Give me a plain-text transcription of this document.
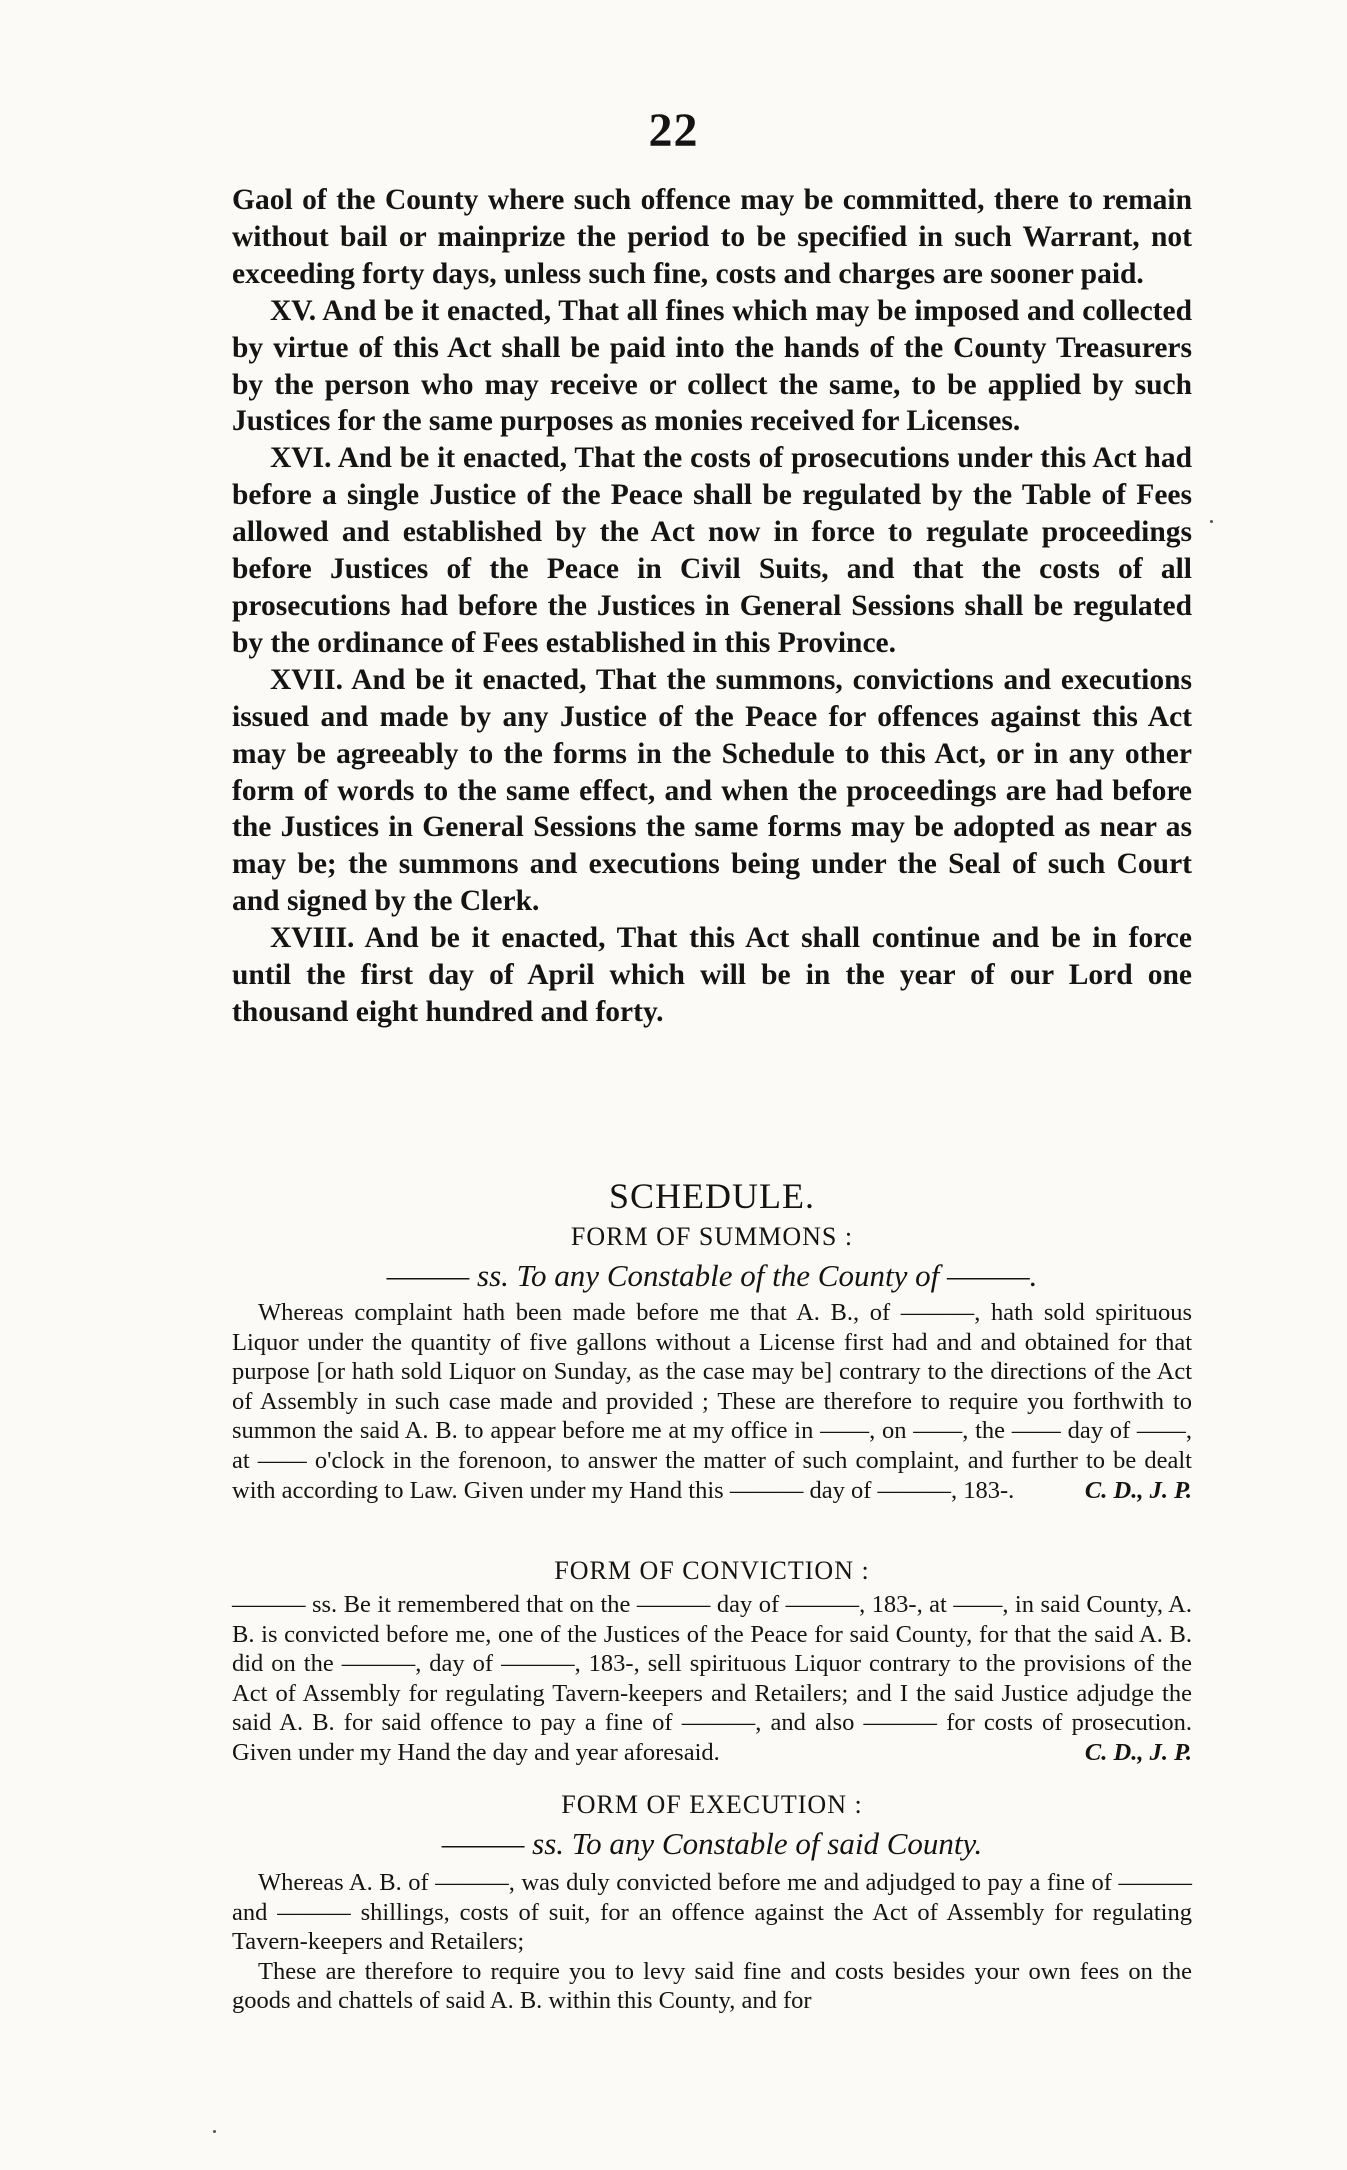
22

Gaol of the County where such offence may be committed, there to remain without bail or mainprize the period to be specified in such Warrant, not exceeding forty days, unless such fine, costs and charges are sooner paid.

XV. And be it enacted, That all fines which may be imposed and collected by virtue of this Act shall be paid into the hands of the County Treasurers by the person who may receive or collect the same, to be applied by such Justices for the same purposes as monies received for Licenses.

XVI. And be it enacted, That the costs of prosecutions under this Act had before a single Justice of the Peace shall be regulated by the Table of Fees allowed and established by the Act now in force to regulate proceedings before Justices of the Peace in Civil Suits, and that the costs of all prosecutions had before the Justices in General Sessions shall be regulated by the ordinance of Fees established in this Province.

XVII. And be it enacted, That the summons, convictions and executions issued and made by any Justice of the Peace for offences against this Act may be agreeably to the forms in the Schedule to this Act, or in any other form of words to the same effect, and when the proceedings are had before the Justices in General Sessions the same forms may be adopted as near as may be; the summons and executions being under the Seal of such Court and signed by the Clerk.

XVIII. And be it enacted, That this Act shall continue and be in force until the first day of April which will be in the year of our Lord one thousand eight hundred and forty.

SCHEDULE.
FORM OF SUMMONS :
——— ss. To any Constable of the County of ———.

Whereas complaint hath been made before me that A. B., of ———, hath sold spirituous Liquor under the quantity of five gallons without a License first had and and obtained for that purpose [or hath sold Liquor on Sunday, as the case may be] contrary to the directions of the Act of Assembly in such case made and provided ; These are therefore to require you forthwith to summon the said A. B. to appear before me at my office in ——, on ——, the —— day of ——, at —— o'clock in the forenoon, to answer the matter of such complaint, and further to be dealt with according to Law. Given under my Hand this ——— day of ———, 183-.	C. D., J. P.

FORM OF CONVICTION :

——— ss. Be it remembered that on the ——— day of ———, 183-, at ——, in said County, A. B. is convicted before me, one of the Justices of the Peace for said County, for that the said A. B. did on the ———, day of ———, 183-, sell spirituous Liquor contrary to the provisions of the Act of Assembly for regulating Tavern-keepers and Retailers; and I the said Justice adjudge the said A. B. for said offence to pay a fine of ———, and also ——— for costs of prosecution. Given under my Hand the day and year aforesaid.	C. D., J. P.

FORM OF EXECUTION :
——— ss. To any Constable of said County.

Whereas A. B. of ———, was duly convicted before me and adjudged to pay a fine of ——— and ——— shillings, costs of suit, for an offence against the Act of Assembly for regulating Tavern-keepers and Retailers;

These are therefore to require you to levy said fine and costs besides your own fees on the goods and chattels of said A. B. within this County, and for
